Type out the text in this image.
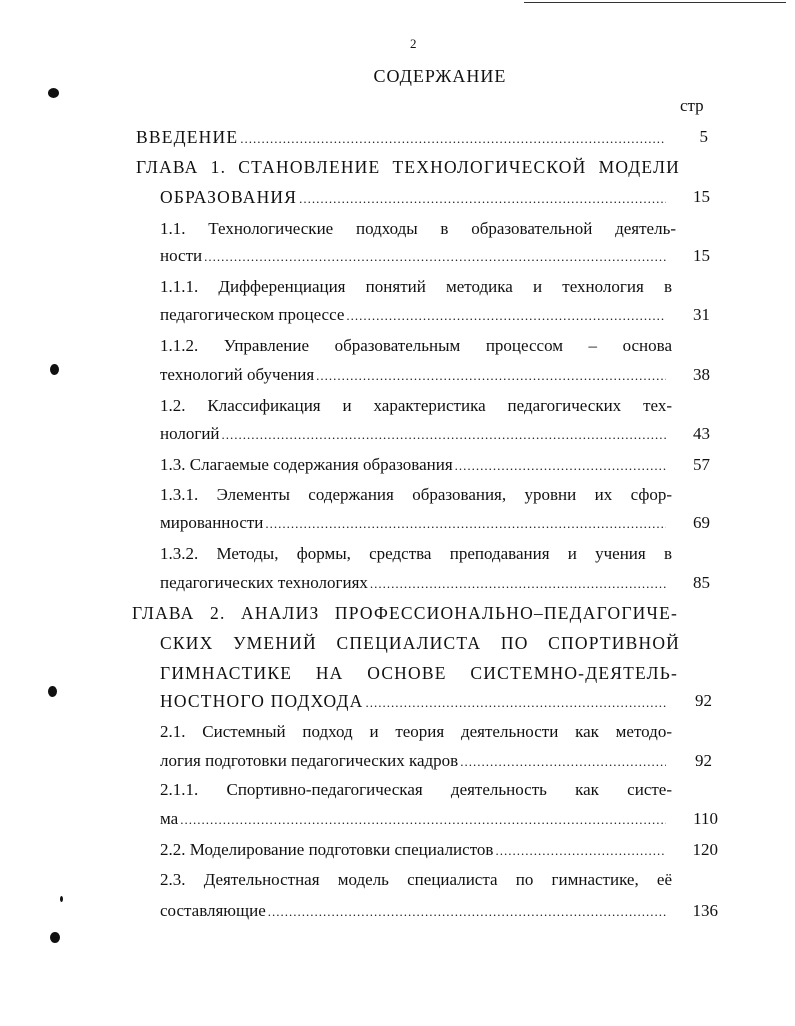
2
СОДЕРЖАНИЕ
стр
ВВЕДЕНИЕ .....	5
ГЛАВА 1. СТАНОВЛЕНИЕ ТЕХНОЛОГИЧЕСКОЙ МОДЕЛИ
ОБРАЗОВАНИЯ .....	15
1.1. Технологические подходы в образовательной деятель-
ности .....	15
1.1.1. Дифференциация понятий методика и технология в
педагогическом процессе .....	31
1.1.2. Управление образовательным процессом – основа
технологий обучения .....	38
1.2. Классификация и характеристика педагогических тех-
нологий .....	43
1.3. Слагаемые содержания образования .....	57
1.3.1. Элементы содержания образования, уровни их сфор-
мированности .....	69
1.3.2. Методы, формы, средства преподавания и учения в
педагогических технологиях .....	85
ГЛАВА 2. АНАЛИЗ ПРОФЕССИОНАЛЬНО–ПЕДАГОГИЧЕ-
СКИХ УМЕНИЙ СПЕЦИАЛИСТА ПО СПОРТИВНОЙ
ГИМНАСТИКЕ НА ОСНОВЕ СИСТЕМНО-ДЕЯТЕЛЬ-
НОСТНОГО ПОДХОДА .....	92
2.1. Системный подход и теория деятельности как методо-
логия подготовки педагогических кадров .....	92
2.1.1. Спортивно-педагогическая деятельность как систе-
ма .....	110
2.2. Моделирование подготовки специалистов .....	120
2.3. Деятельностная модель специалиста по гимнастике, её
составляющие .....	136
